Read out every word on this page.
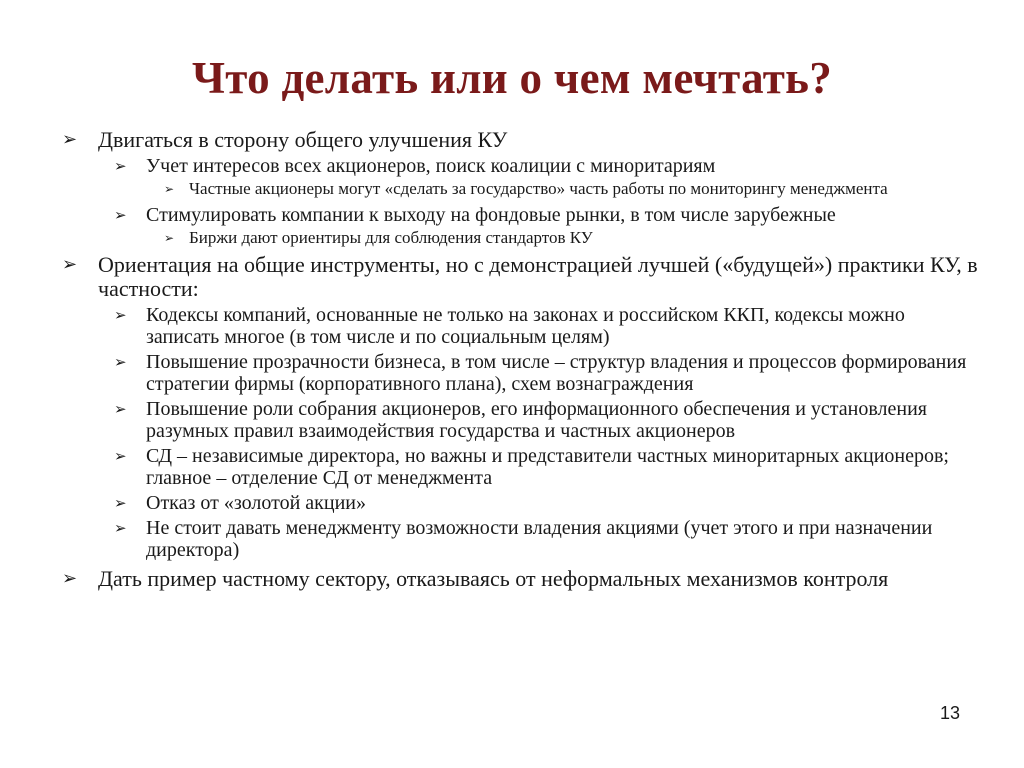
Что делать или о чем мечтать?
➢ Двигаться в сторону общего улучшения КУ
➢ Учет интересов всех акционеров, поиск коалиции с миноритариям
➢ Частные акционеры могут «сделать за государство» часть работы по мониторингу менеджмента
➢ Стимулировать компании к выходу на фондовые рынки, в том числе зарубежные
➢ Биржи дают ориентиры для соблюдения стандартов КУ
➢ Ориентация на общие инструменты, но с демонстрацией лучшей («будущей») практики КУ, в частности:
➢ Кодексы компаний, основанные не только на законах и российском ККП, кодексы можно записать многое (в том числе и по социальным целям)
➢ Повышение прозрачности бизнеса, в том числе – структур владения и процессов формирования стратегии фирмы (корпоративного плана), схем вознаграждения
➢ Повышение роли собрания акционеров, его информационного обеспечения и установления разумных правил взаимодействия государства и частных акционеров
➢ СД – независимые директора, но важны и представители частных миноритарных акционеров; главное – отделение СД от менеджмента
➢ Отказ от «золотой акции»
➢ Не стоит давать менеджменту возможности владения акциями (учет этого и при назначении директора)
➢ Дать пример частному сектору, отказываясь от неформальных механизмов контроля
13
